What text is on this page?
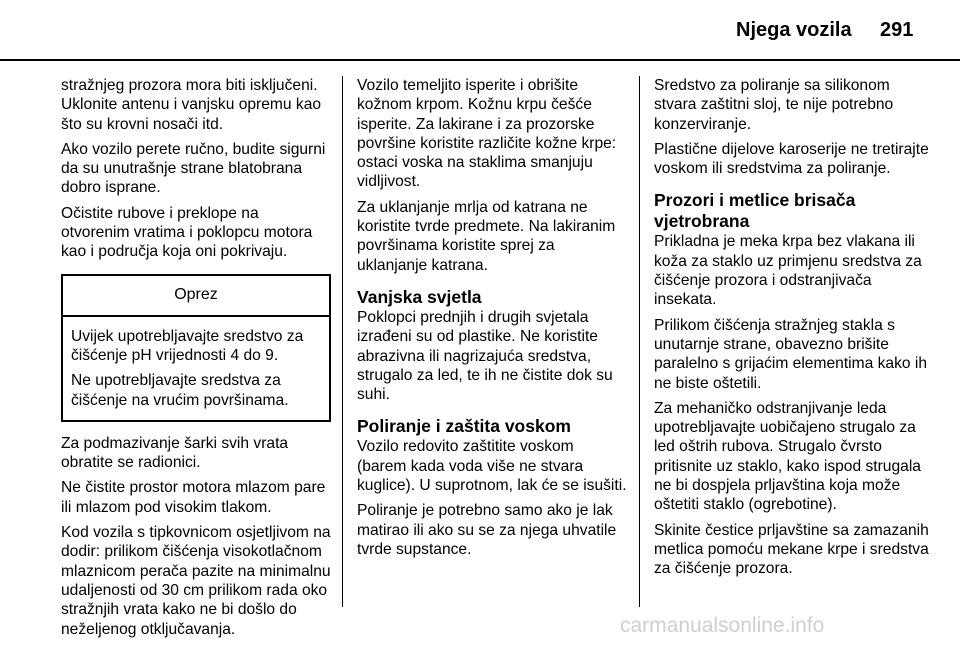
Njega vozila 291

stražnjeg prozora mora biti isključeni. Uklonite antenu i vanjsku opremu kao što su krovni nosači itd.

Ako vozilo perete ručno, budite sigurni da su unutrašnje strane blatobrana dobro isprane.

Očistite rubove i preklope na otvorenim vratima i poklopcu motora kao i područja koja oni pokrivaju.

Oprez

Uvijek upotrebljavajte sredstvo za čišćenje pH vrijednosti 4 do 9.

Ne upotrebljavajte sredstva za čišćenje na vrućim površinama.

Za podmazivanje šarki svih vrata obratite se radionici.

Ne čistite prostor motora mlazom pare ili mlazom pod visokim tlakom.

Kod vozila s tipkovnicom osjetljivom na dodir: prilikom čišćenja visokotlačnom mlaznicom perača pazite na minimalnu udaljenosti od 30 cm prilikom rada oko stražnjih vrata kako ne bi došlo do neželjenog otključavanja.

Vozilo temeljito isperite i obrišite kožnom krpom. Kožnu krpu češće isperite. Za lakirane i za prozorske površine koristite različite kožne krpe: ostaci voska na staklima smanjuju vidljivost.

Za uklanjanje mrlja od katrana ne koristite tvrde predmete. Na lakiranim površinama koristite sprej za uklanjanje katrana.

Vanjska svjetla

Poklopci prednjih i drugih svjetala izrađeni su od plastike. Ne koristite abrazivna ili nagrizajuća sredstva, strugalo za led, te ih ne čistite dok su suhi.

Poliranje i zaštita voskom

Vozilo redovito zaštitite voskom (barem kada voda više ne stvara kuglice). U suprotnom, lak će se isušiti.

Poliranje je potrebno samo ako je lak matirao ili ako su se za njega uhvatile tvrde supstance.

Sredstvo za poliranje sa silikonom stvara zaštitni sloj, te nije potrebno konzerviranje.

Plastične dijelove karoserije ne tretirajte voskom ili sredstvima za poliranje.

Prozori i metlice brisača vjetrobrana

Prikladna je meka krpa bez vlakana ili koža za staklo uz primjenu sredstva za čišćenje prozora i odstranjivača insekata.

Prilikom čišćenja stražnjeg stakla s unutarnje strane, obavezno brišite paralelno s grijaćim elementima kako ih ne biste oštetili.

Za mehaničko odstranjivanje leda upotrebljavajte uobičajeno strugalo za led oštrih rubova. Strugalo čvrsto pritisnite uz staklo, kako ispod strugala ne bi dospjela prljavština koja može oštetiti staklo (ogrebotine).

Skinite čestice prljavštine sa zamazanih metlica pomoću mekane krpe i sredstva za čišćenje prozora.

carmanualsonline.info
